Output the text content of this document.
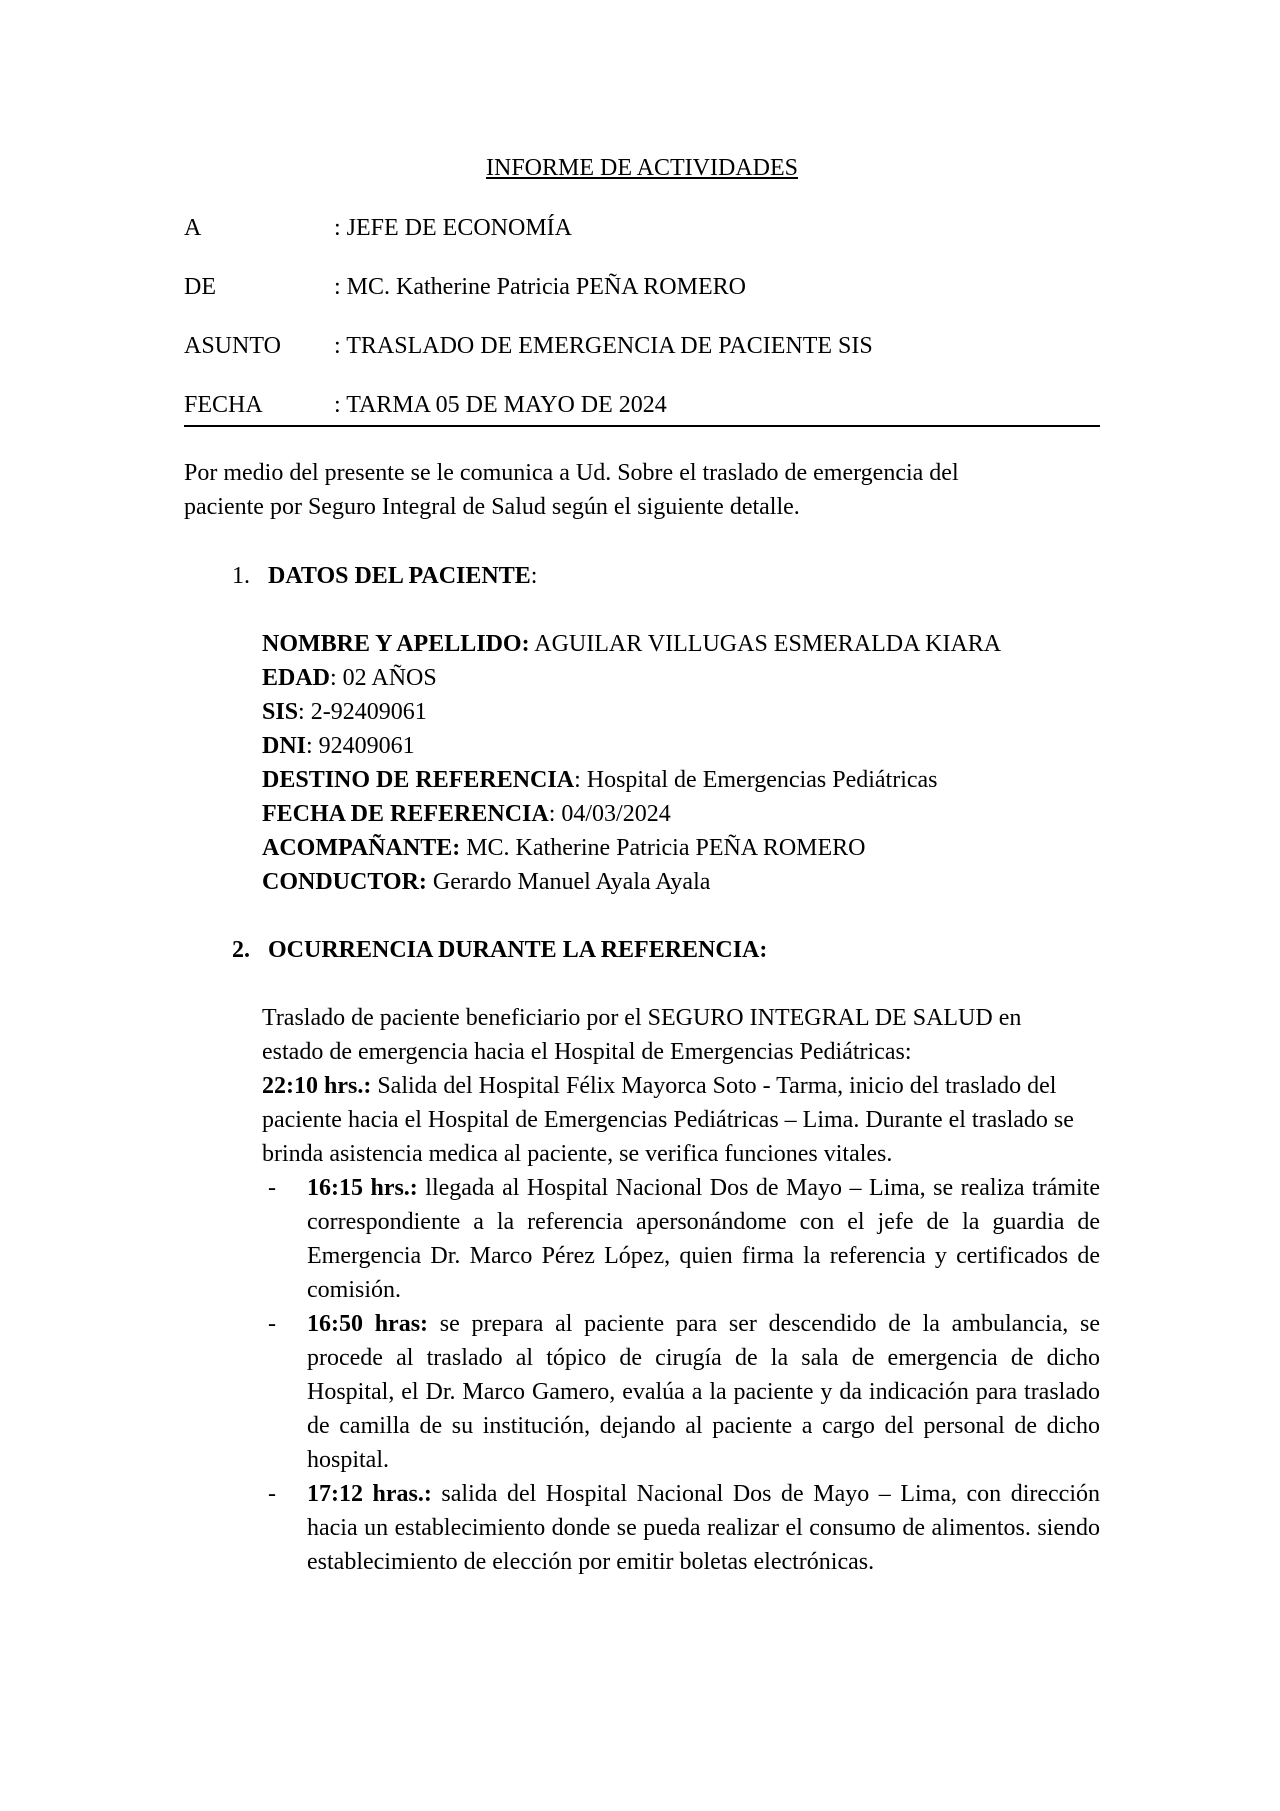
INFORME DE ACTIVIDADES
A	: JEFE DE ECONOMÍA
DE	: MC. Katherine Patricia PEÑA ROMERO
ASUNTO	: TRASLADO DE EMERGENCIA DE PACIENTE SIS
FECHA	: TARMA 05 DE MAYO DE 2024
Por medio del presente se le comunica a Ud. Sobre el traslado de emergencia del
paciente por Seguro Integral de Salud según el siguiente detalle.
1. DATOS DEL PACIENTE:
NOMBRE Y APELLIDO: AGUILAR VILLUGAS ESMERALDA KIARA
EDAD: 02 AÑOS
SIS: 2-92409061
DNI: 92409061
DESTINO DE REFERENCIA: Hospital de Emergencias Pediátricas
FECHA DE REFERENCIA: 04/03/2024
ACOMPAÑANTE: MC. Katherine Patricia PEÑA ROMERO
CONDUCTOR: Gerardo Manuel Ayala Ayala
2. OCURRENCIA DURANTE LA REFERENCIA:
Traslado de paciente beneficiario por el SEGURO INTEGRAL DE SALUD en
estado de emergencia hacia el Hospital de Emergencias Pediátricas:
22:10 hrs.: Salida del Hospital Félix Mayorca Soto - Tarma, inicio del traslado del paciente hacia el Hospital de Emergencias Pediátricas – Lima. Durante el traslado se brinda asistencia medica al paciente, se verifica funciones vitales.
-	16:15 hrs.: llegada al Hospital Nacional Dos de Mayo – Lima, se realiza trámite correspondiente a la referencia apersonándome con el jefe de la guardia de Emergencia Dr. Marco Pérez López, quien firma la referencia y certificados de comisión.
-	16:50 hras: se prepara al paciente para ser descendido de la ambulancia, se procede al traslado al tópico de cirugía de la sala de emergencia de dicho Hospital, el Dr. Marco Gamero, evalúa a la paciente y da indicación para traslado de camilla de su institución, dejando al paciente a cargo del personal de dicho hospital.
-	17:12 hras.: salida del Hospital Nacional Dos de Mayo – Lima, con dirección hacia un establecimiento donde se pueda realizar el consumo de alimentos. siendo establecimiento de elección por emitir boletas electrónicas.
